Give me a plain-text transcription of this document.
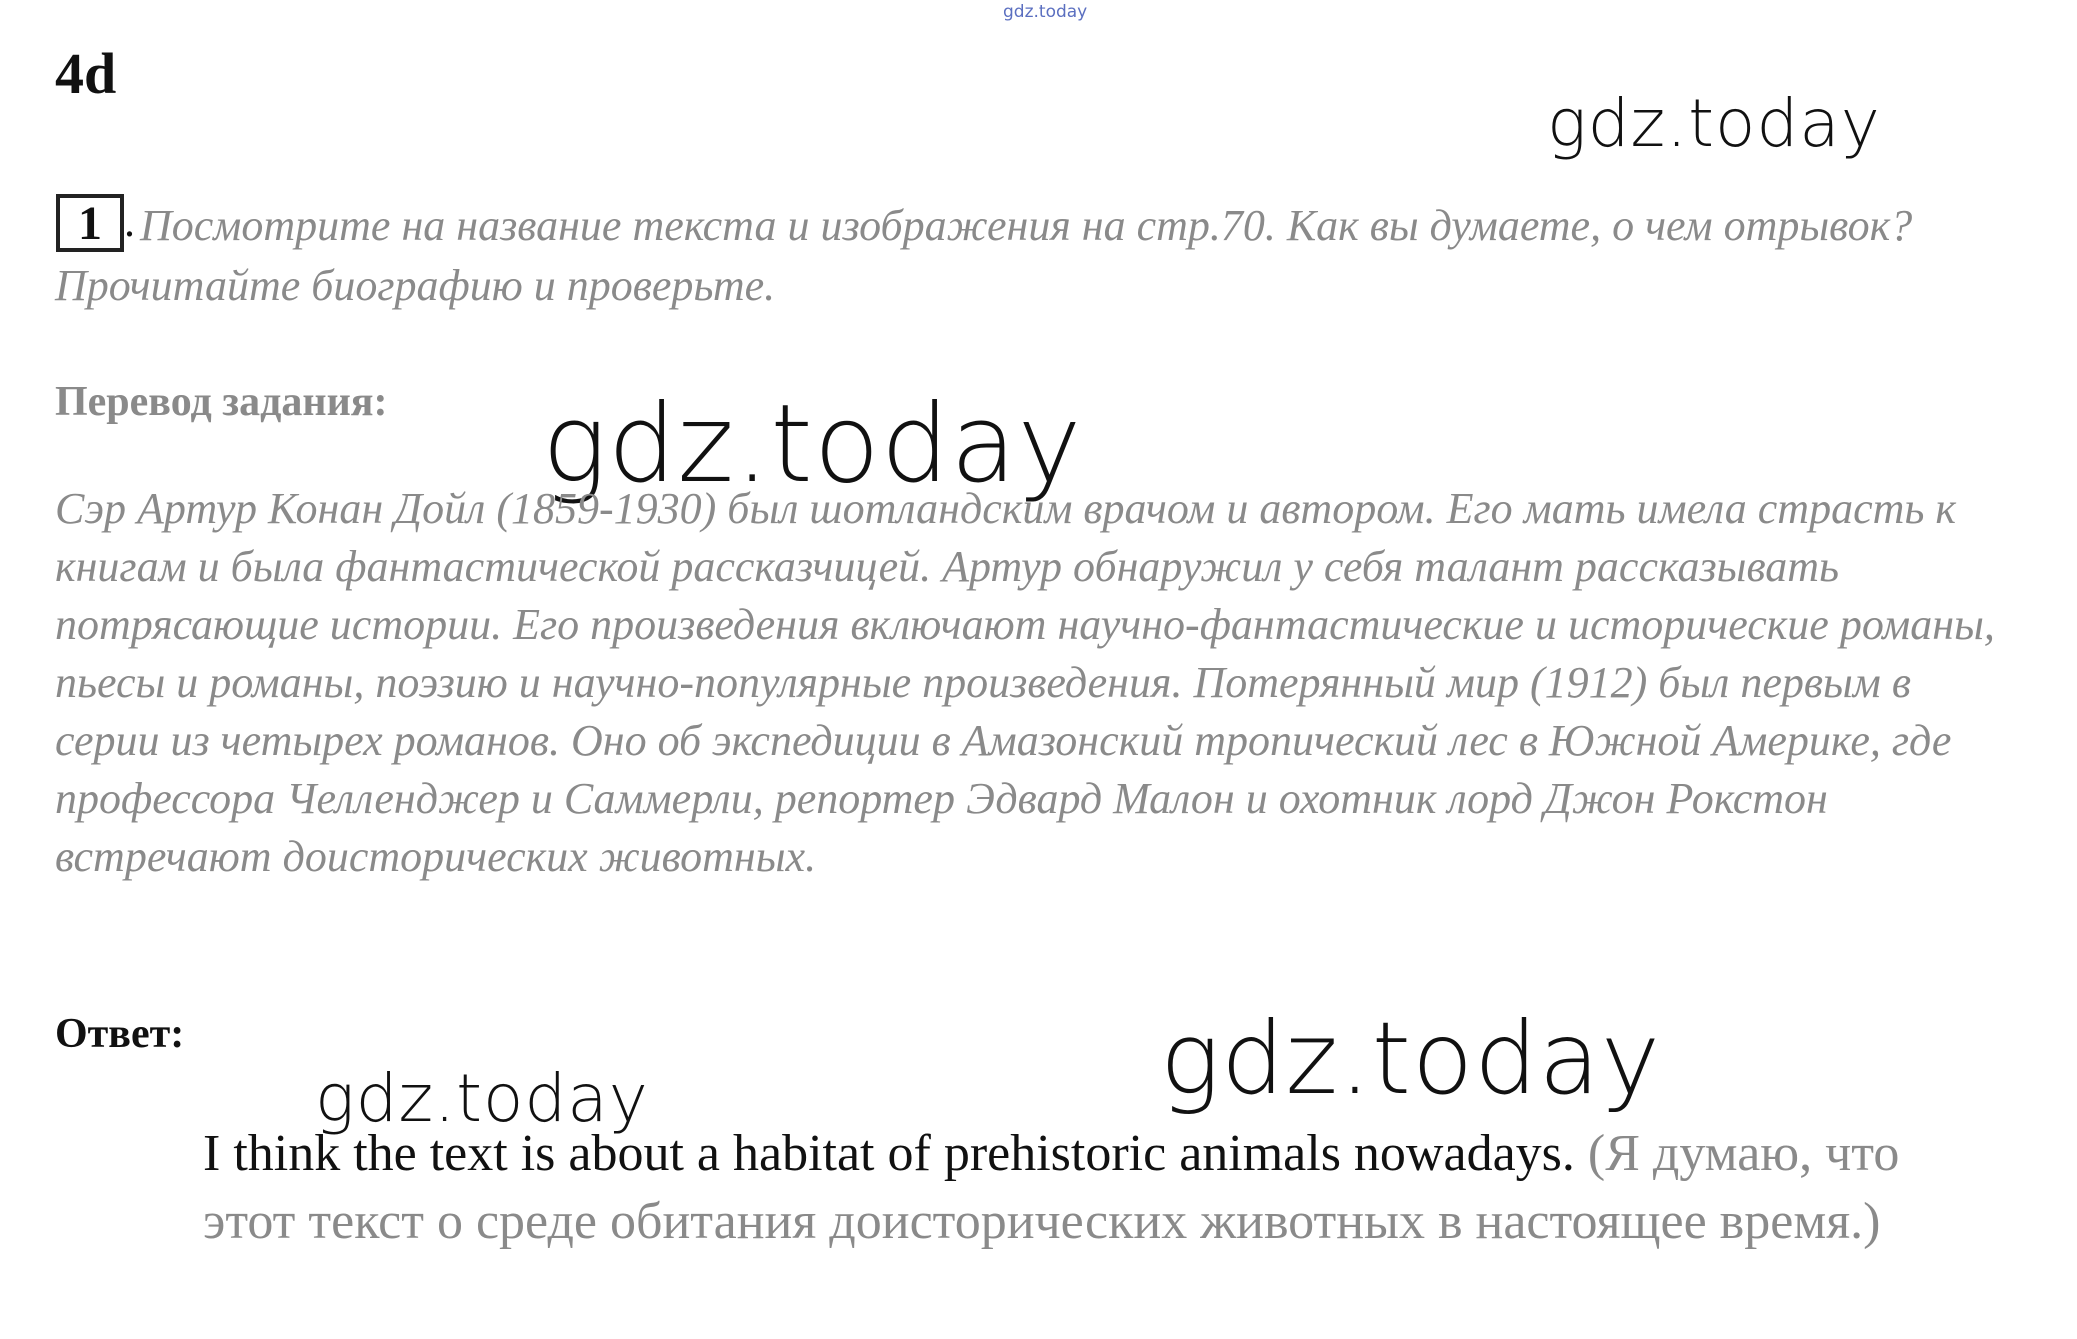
gdz.today
4d
gdz.today
1 . Посмотрите на название текста и изображения на стр.70. Как вы думаете, о чем отрывок? Прочитайте биографию и проверьте.
Перевод задания: gdz.today
Сэр Артур Конан Дойл (1859-1930) был шотландским врачом и автором. Его мать имела страсть к книгам и была фантастической рассказчицей. Артур обнаружил у себя талант рассказывать потрясающие истории. Его произведения включают научно-фантастические и исторические романы, пьесы и романы, поэзию и научно-популярные произведения. Потерянный мир (1912) был первым в серии из четырех романов. Оно об экспедиции в Амазонский тропический лес в Южной Америке, где профессора Челленджер и Саммерли, репортер Эдвард Малон и охотник лорд Джон Рокстон встречают доисторических животных.
Ответ:	gdz.today
gdz.today
I think the text is about a habitat of prehistoric animals nowadays. (Я думаю, что этот текст о среде обитания доисторических животных в настоящее время.)
